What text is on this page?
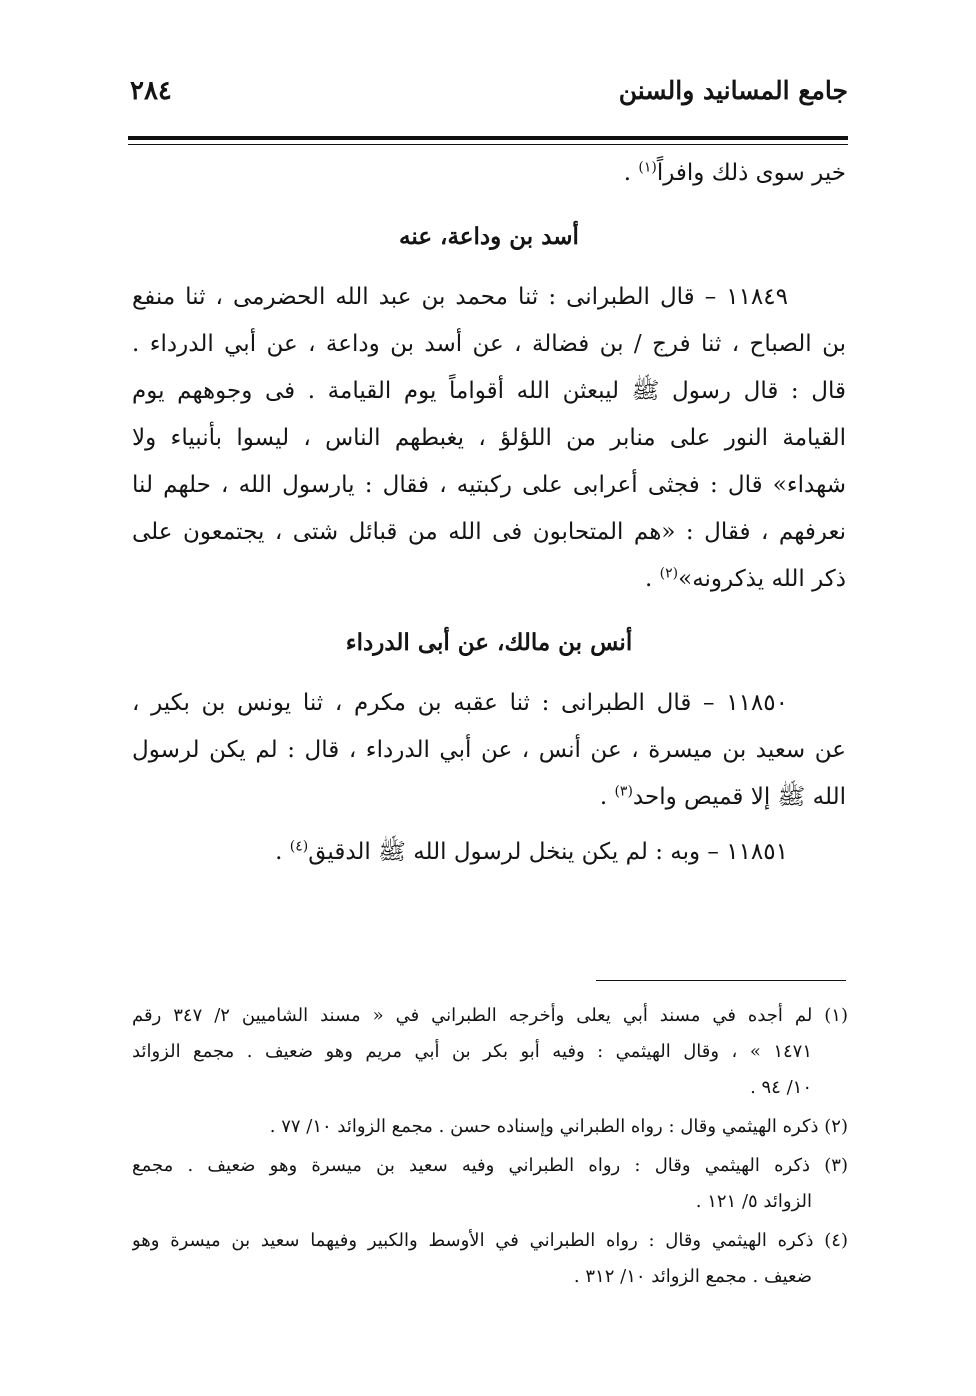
جامع المسانيد والسنن
٢٨٤

خير سوى ذلك وافراً$^{(١)}$ .

أسد بن وداعة، عنه

١١٨٤٩ – قال الطبرانى : ثنا محمد بن عبد الله الحضرمى ، ثنا منفع
بن الصباح ، ثنا فرج / بن فضالة ، عن أسد بن وداعة ، عن أبي الدرداء .
قال : قال رسول ﷺ ليبعثن الله أقواماً يوم القيامة . فى وجوههم يوم
القيامة النور على منابر من اللؤلؤ ، يغبطهم الناس ، ليسوا بأنبياء ولا
شهداء» قال : فجثى أعرابى على ركبتيه ، فقال : يارسول الله ، حلهم لنا
نعرفهم ، فقال : «هم المتحابون فى الله من قبائل شتى ، يجتمعون على
ذكر الله يذكرونه»$^{(٢)}$ .

أنس بن مالك، عن أبى الدرداء

١١٨٥٠ – قال الطبرانى : ثنا عقبه بن مكرم ، ثنا يونس بن بكير ،
عن سعيد بن ميسرة ، عن أنس ، عن أبي الدرداء ، قال : لم يكن لرسول
الله ﷺ إلا قميص واحد$^{(٣)}$ .

١١٨٥١ – وبه : لم يكن ينخل لرسول الله ﷺ الدقيق$^{(٤)}$ .

(١) لم أجده في مسند أبي يعلى وأخرجه الطبراني في « مسند الشاميين ٢/ ٣٤٧ رقم
١٤٧١ » ، وقال الهيثمي : وفيه أبو بكر بن أبي مريم وهو ضعيف . مجمع الزوائد
١٠/ ٩٤ .
(٢) ذكره الهيثمي وقال : رواه الطبراني وإسناده حسن . مجمع الزوائد ١٠/ ٧٧ .
(٣) ذكره الهيثمي وقال : رواه الطبراني وفيه سعيد بن ميسرة وهو ضعيف . مجمع
الزوائد ٥/ ١٢١ .
(٤) ذكره الهيثمي وقال : رواه الطبراني في الأوسط والكبير وفيهما سعيد بن ميسرة وهو
ضعيف . مجمع الزوائد ١٠/ ٣١٢ .
